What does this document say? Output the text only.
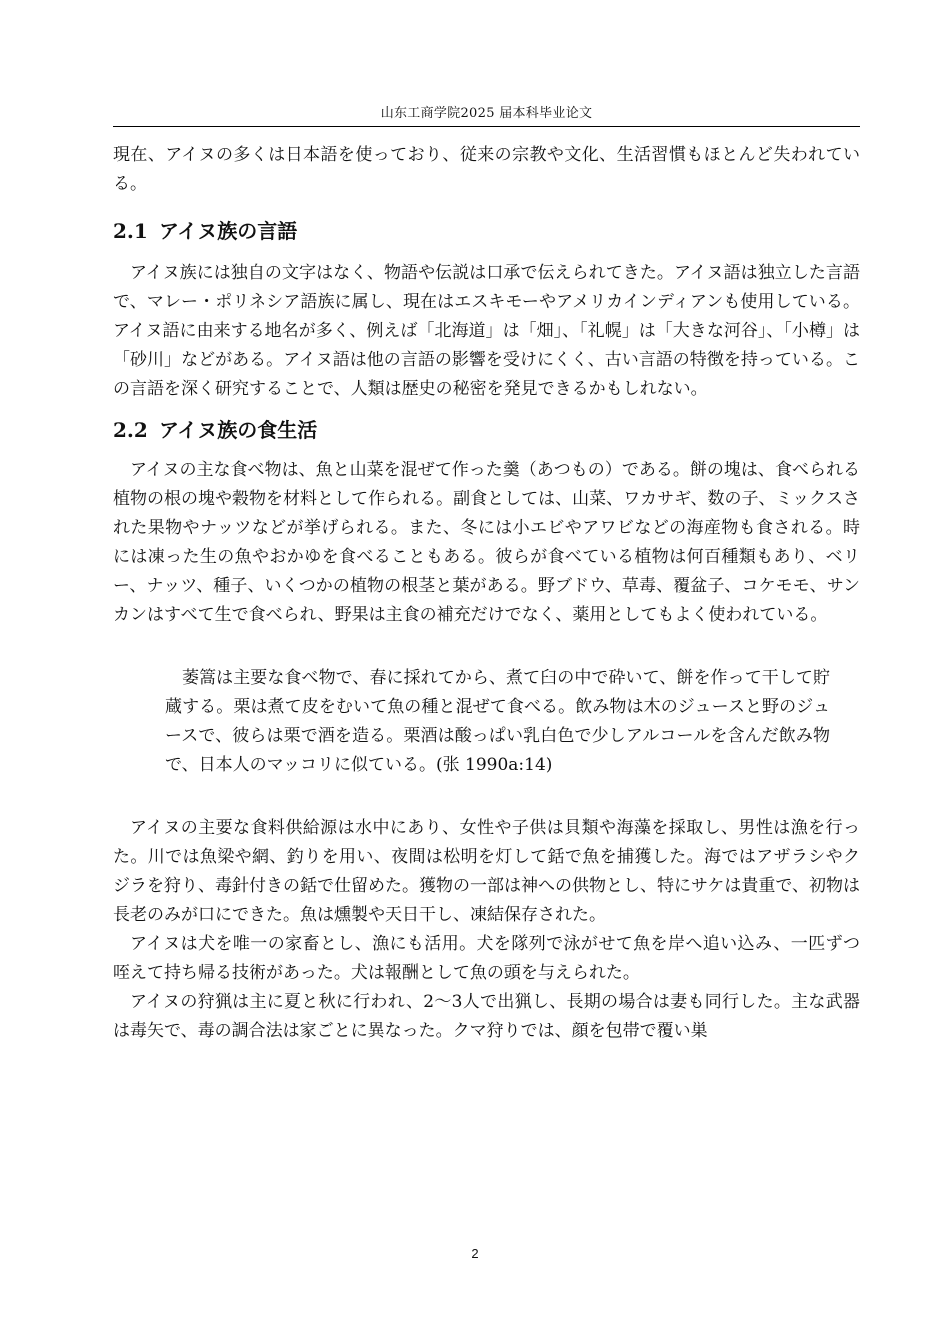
山东工商学院2025 届本科毕业论文

現在、アイヌの多くは日本語を使っており、従来の宗教や文化、生活習慣もほとんど失われている。

2.1 アイヌ族の言語

アイヌ族には独自の文字はなく、物語や伝説は口承で伝えられてきた。アイヌ語は独立した言語で、マレー・ポリネシア語族に属し、現在はエスキモーやアメリカインディアンも使用している。アイヌ語に由来する地名が多く、例えば「北海道」は「畑」、「礼幌」は「大きな河谷」、「小樽」は「砂川」などがある。アイヌ語は他の言語の影響を受けにくく、古い言語の特徴を持っている。この言語を深く研究することで、人類は歴史の秘密を発見できるかもしれない。

2.2 アイヌ族の食生活

アイヌの主な食べ物は、魚と山菜を混ぜて作った羹（あつもの）である。餅の塊は、食べられる植物の根の塊や穀物を材料として作られる。副食としては、山菜、ワカサギ、数の子、ミックスされた果物やナッツなどが挙げられる。また、冬には小エビやアワビなどの海産物も食される。時には凍った生の魚やおかゆを食べることもある。彼らが食べている植物は何百種類もあり、ベリー、ナッツ、種子、いくつかの植物の根茎と葉がある。野ブドウ、草毒、覆盆子、コケモモ、サンカンはすべて生で食べられ、野果は主食の補充だけでなく、薬用としてもよく使われている。

萎篙は主要な食べ物で、春に採れてから、煮て臼の中で砕いて、餅を作って干して貯蔵する。栗は煮て皮をむいて魚の種と混ぜて食べる。飲み物は木のジュースと野のジュースで、彼らは栗で酒を造る。栗酒は酸っぱい乳白色で少しアルコールを含んだ飲み物で、日本人のマッコリに似ている。(张 1990a:14)

アイヌの主要な食料供給源は水中にあり、女性や子供は貝類や海藻を採取し、男性は漁を行った。川では魚梁や網、釣りを用い、夜間は松明を灯して銛で魚を捕獲した。海ではアザラシやクジラを狩り、毒針付きの銛で仕留めた。獲物の一部は神への供物とし、特にサケは貴重で、初物は長老のみが口にできた。魚は燻製や天日干し、凍結保存された。

アイヌは犬を唯一の家畜とし、漁にも活用。犬を隊列で泳がせて魚を岸へ追い込み、一匹ずつ咥えて持ち帰る技術があった。犬は報酬として魚の頭を与えられた。

アイヌの狩猟は主に夏と秋に行われ、2〜3人で出猟し、長期の場合は妻も同行した。主な武器は毒矢で、毒の調合法は家ごとに異なった。クマ狩りでは、顔を包帯で覆い巣

2
